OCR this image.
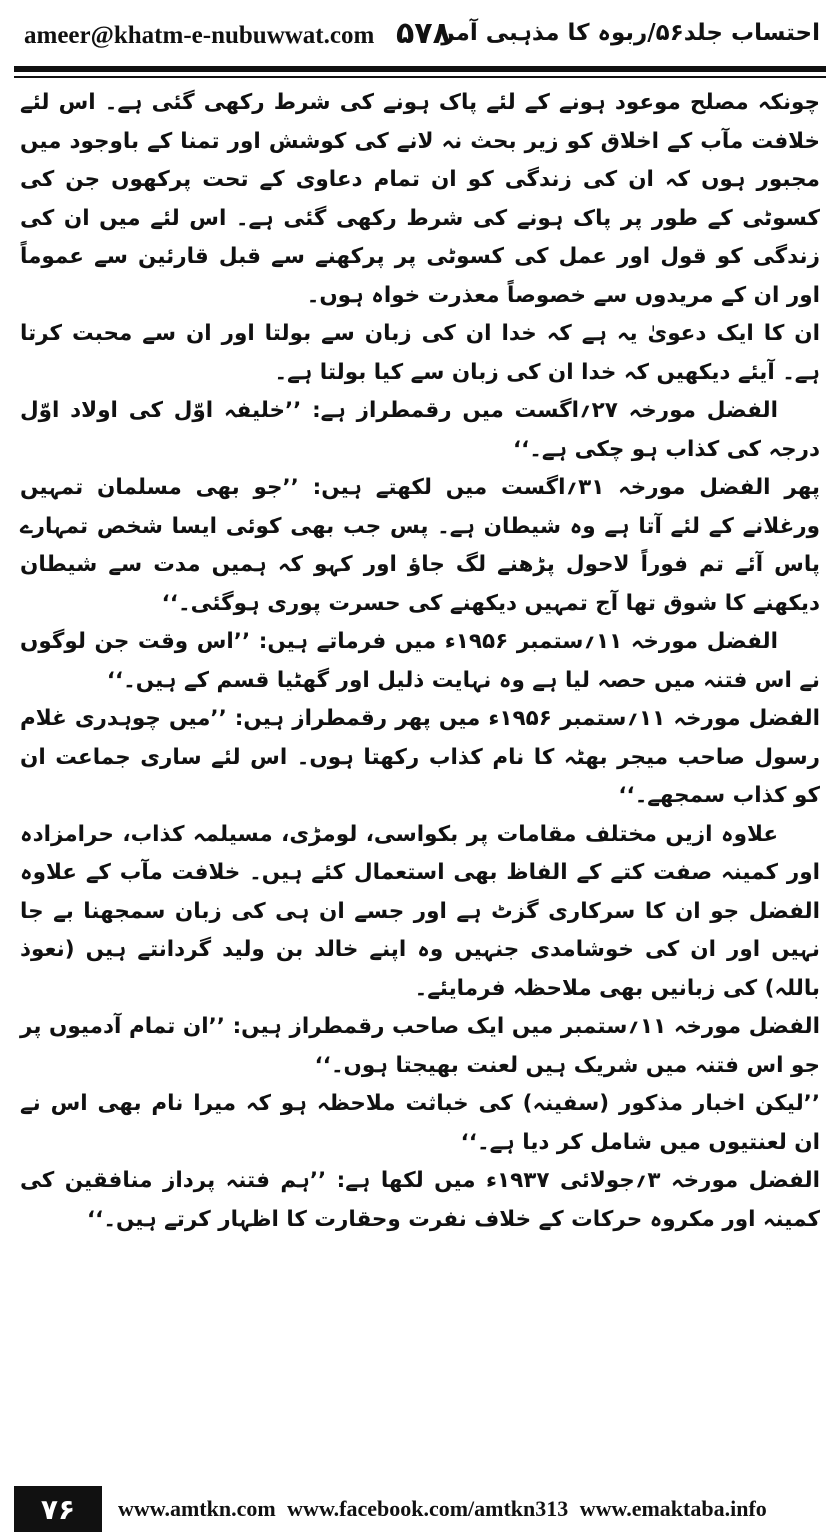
ameer@khatm-e-nubuwwat.com ۵۷۸
احتساب جلد۵۶/ربوہ کا مذہبی آمر

چونکہ مصلح موعود ہونے کے لئے پاک ہونے کی شرط رکھی گئی ہے۔ اس لئے خلافت مآب کے اخلاق کو زیر بحث نہ لانے کی کوشش اور تمنا کے باوجود میں مجبور ہوں کہ ان کی زندگی کو ان تمام دعاوی کے تحت پرکھوں جن کی کسوٹی کے طور پر پاک ہونے کی شرط رکھی گئی ہے۔ اس لئے میں ان کی زندگی کو قول اور عمل کی کسوٹی پر پرکھنے سے قبل قارئین سے عموماً اور ان کے مریدوں سے خصوصاً معذرت خواہ ہوں۔

ان کا ایک دعویٰ یہ ہے کہ خدا ان کی زبان سے بولتا اور ان سے محبت کرتا ہے۔ آیئے دیکھیں کہ خدا ان کی زبان سے کیا بولتا ہے۔

الفضل مورخہ ۲۷؍اگست میں رقمطراز ہے: ’’خلیفہ اوّل کی اولاد اوّل درجہ کی کذاب ہو چکی ہے۔‘‘

پھر الفضل مورخہ ۳۱؍اگست میں لکھتے ہیں: ’’جو بھی مسلمان تمہیں ورغلانے کے لئے آتا ہے وہ شیطان ہے۔ پس جب بھی کوئی ایسا شخص تمہارے پاس آئے تم فوراً لاحول پڑھنے لگ جاؤ اور کہو کہ ہمیں مدت سے شیطان دیکھنے کا شوق تھا آج تمہیں دیکھنے کی حسرت پوری ہوگئی۔‘‘

الفضل مورخہ ۱۱؍ستمبر ۱۹۵۶ء میں فرماتے ہیں: ’’اس وقت جن لوگوں نے اس فتنہ میں حصہ لیا ہے وہ نہایت ذلیل اور گھٹیا قسم کے ہیں۔‘‘

الفضل مورخہ ۱۱؍ستمبر ۱۹۵۶ء میں پھر رقمطراز ہیں: ’’میں چوہدری غلام رسول صاحب میجر بھٹہ کا نام کذاب رکھتا ہوں۔ اس لئے ساری جماعت ان کو کذاب سمجھے۔‘‘

علاوہ ازیں مختلف مقامات پر بکواسی، لومڑی، مسیلمہ کذاب، حرامزادہ اور کمینہ صفت کتے کے الفاظ بھی استعمال کئے ہیں۔ خلافت مآب کے علاوہ الفضل جو ان کا سرکاری گزٹ ہے اور جسے ان ہی کی زبان سمجھنا بے جا نہیں اور ان کی خوشامدی جنہیں وہ اپنے خالد بن ولید گردانتے ہیں (نعوذ باللہ) کی زبانیں بھی ملاحظہ فرمایئے۔

الفضل مورخہ ۱۱؍ستمبر میں ایک صاحب رقمطراز ہیں: ’’ان تمام آدمیوں پر جو اس فتنہ میں شریک ہیں لعنت بھیجتا ہوں۔‘‘

’’لیکن اخبار مذکور (سفینہ) کی خباثت ملاحظہ ہو کہ میرا نام بھی اس نے ان لعنتیوں میں شامل کر دیا ہے۔‘‘

الفضل مورخہ ۳؍جولائی ۱۹۳۷ء میں لکھا ہے: ’’ہم فتنہ پرداز منافقین کی کمینہ اور مکروہ حرکات کے خلاف نفرت وحقارت کا اظہار کرتے ہیں۔‘‘

۷۶	www.amtkn.com www.facebook.com/amtkn313 www.emaktaba.info
